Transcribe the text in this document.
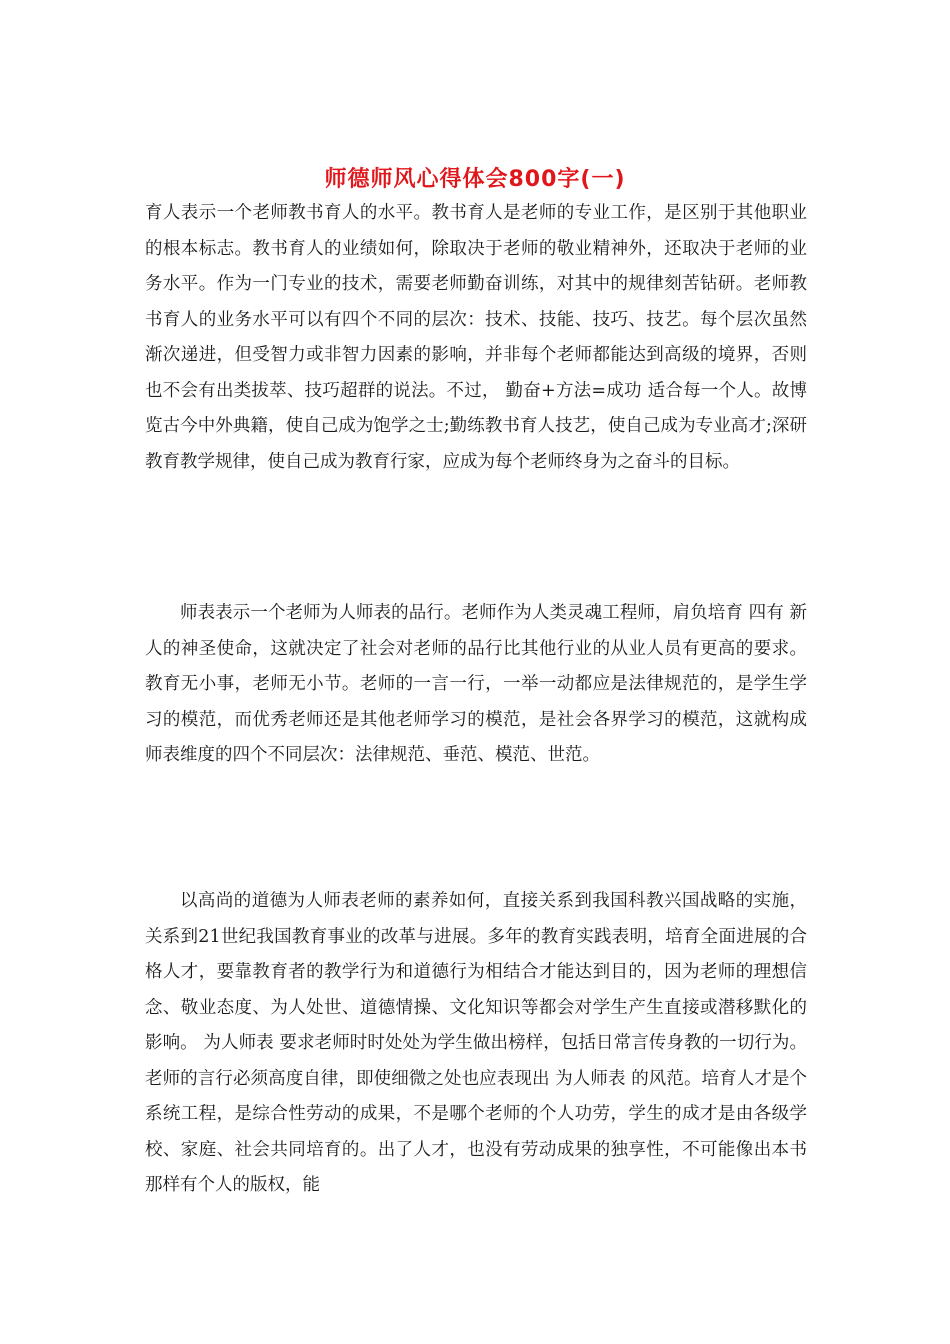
师德师风心得体会800字(一)

育人表示一个老师教书育人的水平。教书育人是老师的专业工作，是区别于其他职业的根本标志。教书育人的业绩如何，除取决于老师的敬业精神外，还取决于老师的业务水平。作为一门专业的技术，需要老师勤奋训练，对其中的规律刻苦钻研。老师教书育人的业务水平可以有四个不同的层次：技术、技能、技巧、技艺。每个层次虽然渐次递进，但受智力或非智力因素的影响，并非每个老师都能达到高级的境界，否则也不会有出类拔萃、技巧超群的说法。不过， 勤奋+方法=成功 适合每一个人。故博览古今中外典籍，使自己成为饱学之士;勤练教书育人技艺，使自己成为专业高才;深研教育教学规律，使自己成为教育行家，应成为每个老师终身为之奋斗的目标。

师表表示一个老师为人师表的品行。老师作为人类灵魂工程师，肩负培育 四有 新人的神圣使命，这就决定了社会对老师的品行比其他行业的从业人员有更高的要求。教育无小事，老师无小节。老师的一言一行，一举一动都应是法律规范的，是学生学习的模范，而优秀老师还是其他老师学习的模范，是社会各界学习的模范，这就构成师表维度的四个不同层次：法律规范、垂范、模范、世范。

以高尚的道德为人师表老师的素养如何，直接关系到我国科教兴国战略的实施，关系到21世纪我国教育事业的改革与进展。多年的教育实践表明，培育全面进展的合格人才，要靠教育者的教学行为和道德行为相结合才能达到目的，因为老师的理想信念、敬业态度、为人处世、道德情操、文化知识等都会对学生产生直接或潜移默化的影响。 为人师表 要求老师时时处处为学生做出榜样，包括日常言传身教的一切行为。老师的言行必须高度自律，即使细微之处也应表现出 为人师表 的风范。培育人才是个系统工程，是综合性劳动的成果，不是哪个老师的个人功劳，学生的成才是由各级学校、家庭、社会共同培育的。出了人才，也没有劳动成果的独享性，不可能像出本书那样有个人的版权，能
